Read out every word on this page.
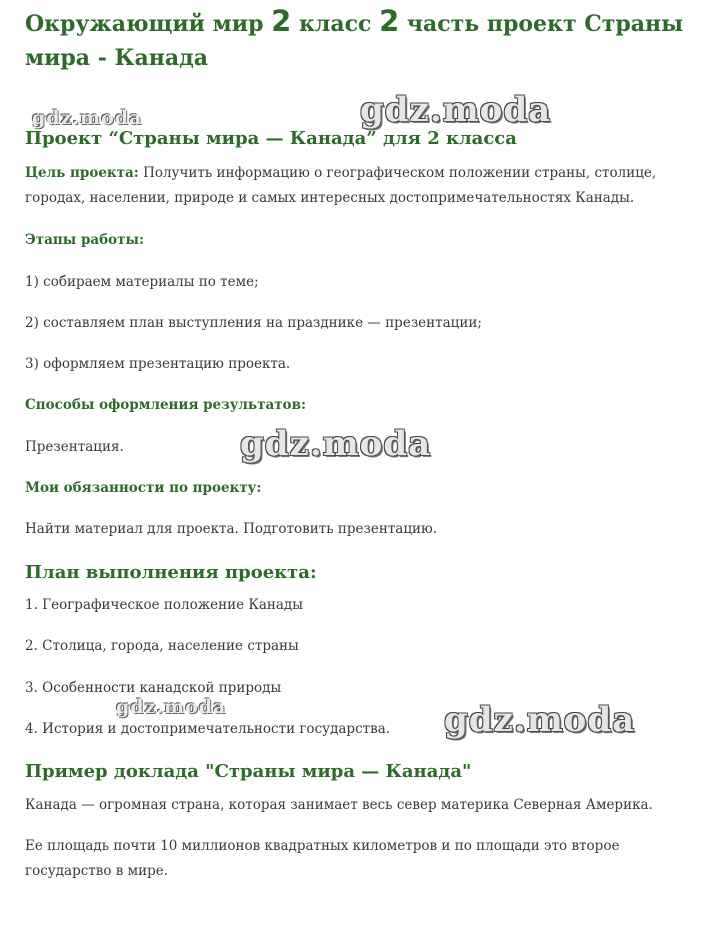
Окружающий мир 2 класс 2 часть проект Страны мира - Канада
Проект “Страны мира — Канада” для 2 класса

Цель проекта: Получить информацию о географическом положении страны, столице, городах, населении, природе и самых интересных достопримечательностях Канады.

Этапы работы:

1) собираем материалы по теме;

2) составляем план выступления на празднике — презентации;

3) оформляем презентацию проекта.

Способы оформления результатов:

Презентация.

Мои обязанности по проекту:

Найти материал для проекта. Подготовить презентацию.

План выполнения проекта:

1. Географическое положение Канады

2. Столица, города, население страны

3. Особенности канадской природы

4. История и достопримечательности государства.

Пример доклада "Страны мира — Канада"

Канада — огромная страна, которая занимает весь север материка Северная Америка.

Ее площадь почти 10 миллионов квадратных километров и по площади это второе государство в мире.

gdz.moda	gdz.moda
gdz.moda
gdz.moda	gdz.moda
